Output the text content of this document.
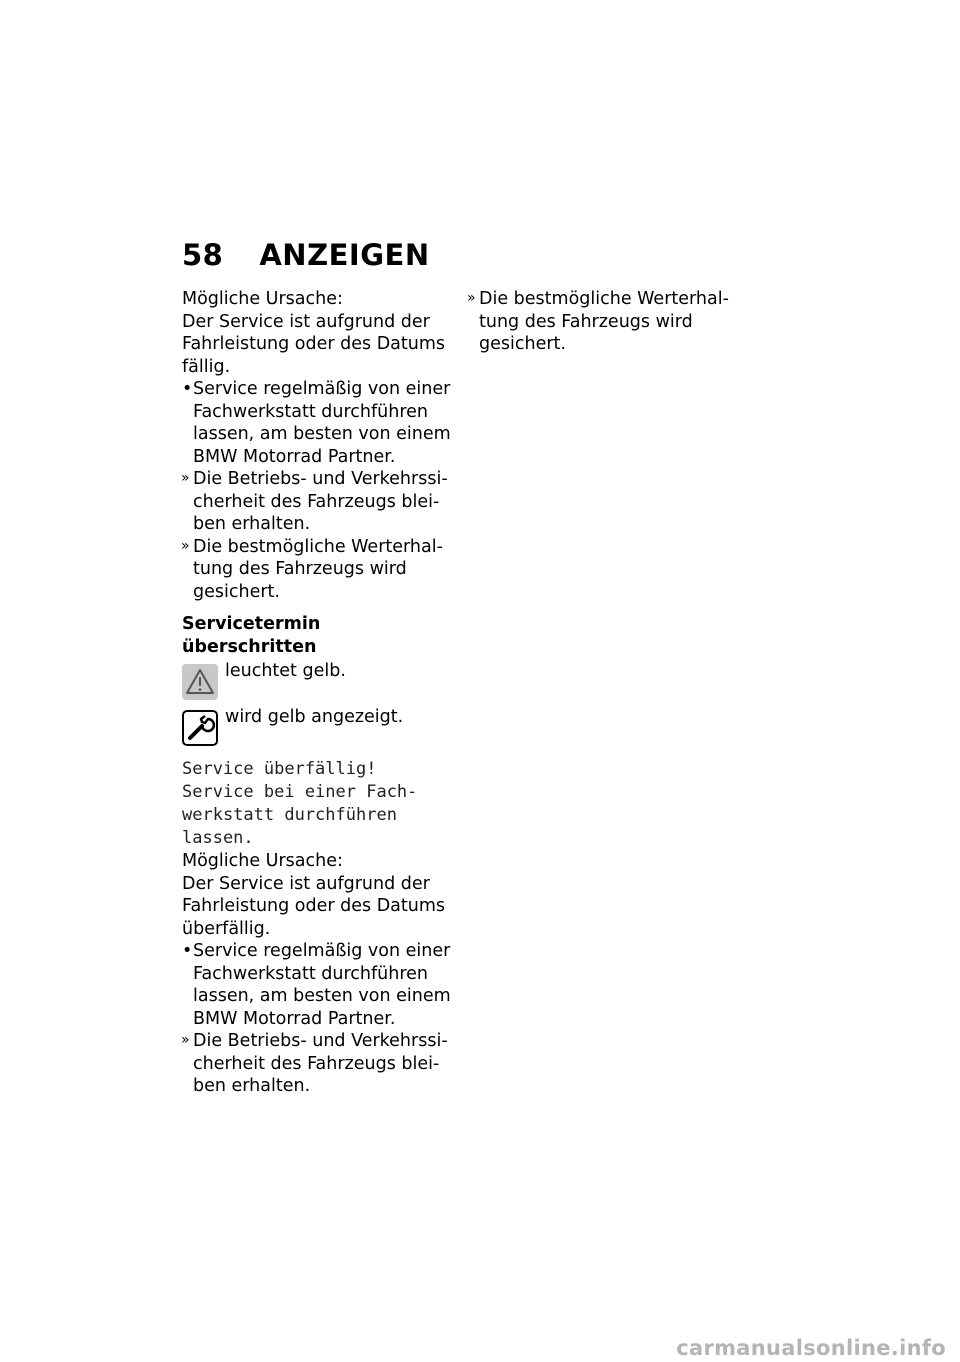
58 ANZEIGEN

Mögliche Ursache:

Der Service ist aufgrund der Fahrleistung oder des Datums fällig.

• Service regelmäßig von einer Fachwerkstatt durchführen lassen, am besten von einem BMW Motorrad Partner.

» Die Betriebs- und Verkehrssicherheit des Fahrzeugs bleiben erhalten.

» Die bestmögliche Werterhaltung des Fahrzeugs wird gesichert.

Servicetermin überschritten

leuchtet gelb.
wird gelb angezeigt.

Service überfällig! Service bei einer Fachwerkstatt durchführen lassen.

Mögliche Ursache:

Der Service ist aufgrund der Fahrleistung oder des Datums überfällig.

• Service regelmäßig von einer Fachwerkstatt durchführen lassen, am besten von einem BMW Motorrad Partner.

» Die Betriebs- und Verkehrssicherheit des Fahrzeugs bleiben erhalten.

» Die bestmögliche Werterhaltung des Fahrzeugs wird gesichert.

carmanualsonline.info
